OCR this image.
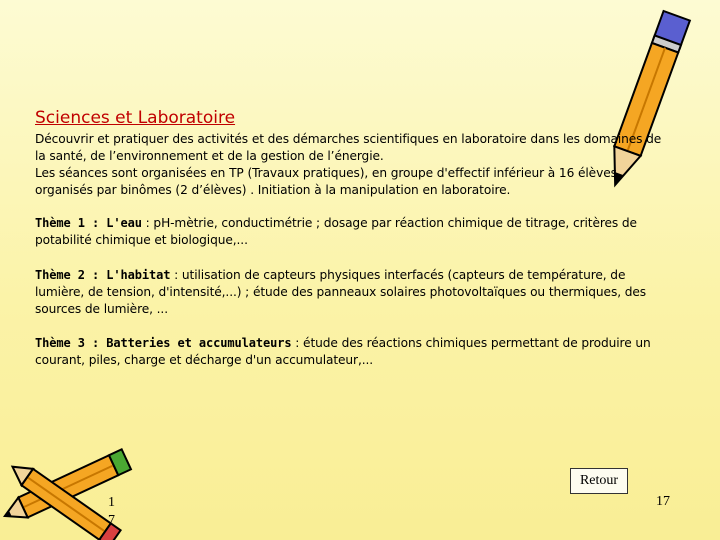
Sciences et Laboratoire
Découvrir et pratiquer des activités et des démarches scientifiques en laboratoire dans les domaines de la santé, de l’environnement et de la gestion de l’énergie.
Les séances sont organisées en TP (Travaux pratiques), en groupe d'effectif inférieur à 16 élèves, organisés par binômes (2 d’élèves) . Initiation à la manipulation en laboratoire.
Thème 1 : L'eau : pH-mètrie, conductimétrie ; dosage par réaction chimique de titrage, critères de potabilité chimique et biologique,...
Thème 2 : L'habitat : utilisation de capteurs physiques interfacés (capteurs de température, de lumière, de tension, d'intensité,...) ; étude des panneaux solaires photovoltaïques ou thermiques, des sources de lumière, ...
Thème 3 : Batteries et accumulateurs : étude des réactions chimiques permettant de produire un courant, piles, charge et décharge d'un accumulateur,...
Retour
1
7
17
